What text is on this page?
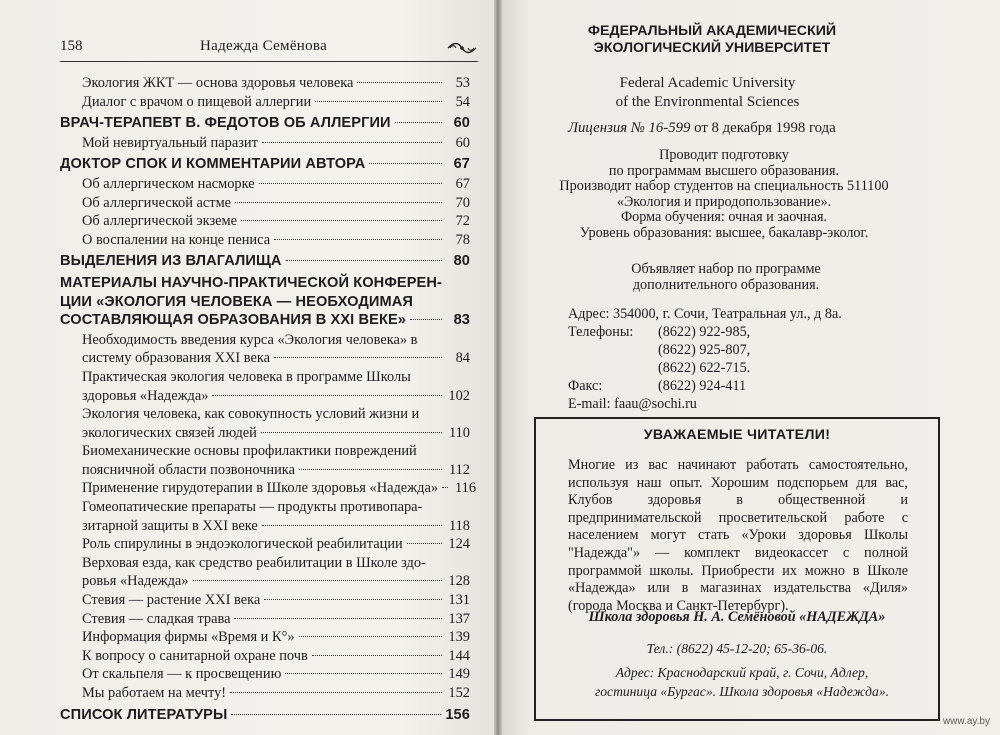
158	Надежда Семёнова
Экология ЖКТ — основа здоровья человека	53
Диалог с врачом о пищевой аллергии	54
ВРАЧ-ТЕРАПЕВТ В. ФЕДОТОВ ОБ АЛЛЕРГИИ	60
Мой невиртуальный паразит	60
ДОКТОР СПОК И КОММЕНТАРИИ АВТОРА	67
Об аллергическом насморке	67
Об аллергической астме	70
Об аллергической экземе	72
О воспалении на конце пениса	78
ВЫДЕЛЕНИЯ ИЗ ВЛАГАЛИЩА	80
МАТЕРИАЛЫ НАУЧНО-ПРАКТИЧЕСКОЙ КОНФЕРЕН-
ЦИИ «ЭКОЛОГИЯ ЧЕЛОВЕКА — НЕОБХОДИМАЯ
СОСТАВЛЯЮЩАЯ ОБРАЗОВАНИЯ В XXI ВЕКЕ»	83
Необходимость введения курса «Экология человека» в
систему образования XXI века	84
Практическая экология человека в программе Школы
здоровья «Надежда»	102
Экология человека, как совокупность условий жизни и
экологических связей людей	110
Биомеханические основы профилактики повреждений
поясничной области позвоночника	112
Применение гирудотерапии в Школе здоровья «Надежда» 116
Гомеопатические препараты — продукты противопара-
зитарной защиты в XXI веке	118
Роль спирулины в эндоэкологической реабилитации	124
Верховая езда, как средство реабилитации в Школе здо-
ровья «Надежда»	128
Стевия — растение XXI века	131
Стевия — сладкая трава	137
Информация фирмы «Время и К°»	139
К вопросу о санитарной охране почв	144
От скальпеля — к просвещению	149
Мы работаем на мечту!	152
СПИСОК ЛИТЕРАТУРЫ	156
ФЕДЕРАЛЬНЫЙ АКАДЕМИЧЕСКИЙ
ЭКОЛОГИЧЕСКИЙ УНИВЕРСИТЕТ
Federal Academic University
of the Environmental Sciences
Лицензия № 16-599 от 8 декабря 1998 года
Проводит подготовку
по программам высшего образования.
Производит набор студентов на специальность 511100
«Экология и природопользование».
Форма обучения: очная и заочная.
Уровень образования: высшее, бакалавр-эколог.
Объявляет набор по программе
дополнительного образования.
Адрес: 354000, г. Сочи, Театральная ул., д 8а.
Телефоны: (8622) 922-985,
(8622) 925-807,
(8622) 622-715.
Факс:	(8622) 924-411
E-mail: faau@sochi.ru
УВАЖАЕМЫЕ ЧИТАТЕЛИ!
Многие из вас начинают работать самостоятельно, используя наш опыт. Хорошим подспорьем для вас, Клубов здоровья в общественной и предпринимательской просветительской работе с населением могут стать «Уроки здоровья Школы "Надежда"» — комплект видеокассет с полной программой школы. Приобрести их можно в Школе «Надежда» или в магазинах издательства «Диля» (города Москва и Санкт-Петербург).
Школа здоровья Н. А. Семёновой «НАДЕЖДА»
Тел.: (8622) 45-12-20; 65-36-06.
Адрес: Краснодарский край, г. Сочи, Адлер,
гостиница «Бургас». Школа здоровья «Надежда».
www.ay.by
